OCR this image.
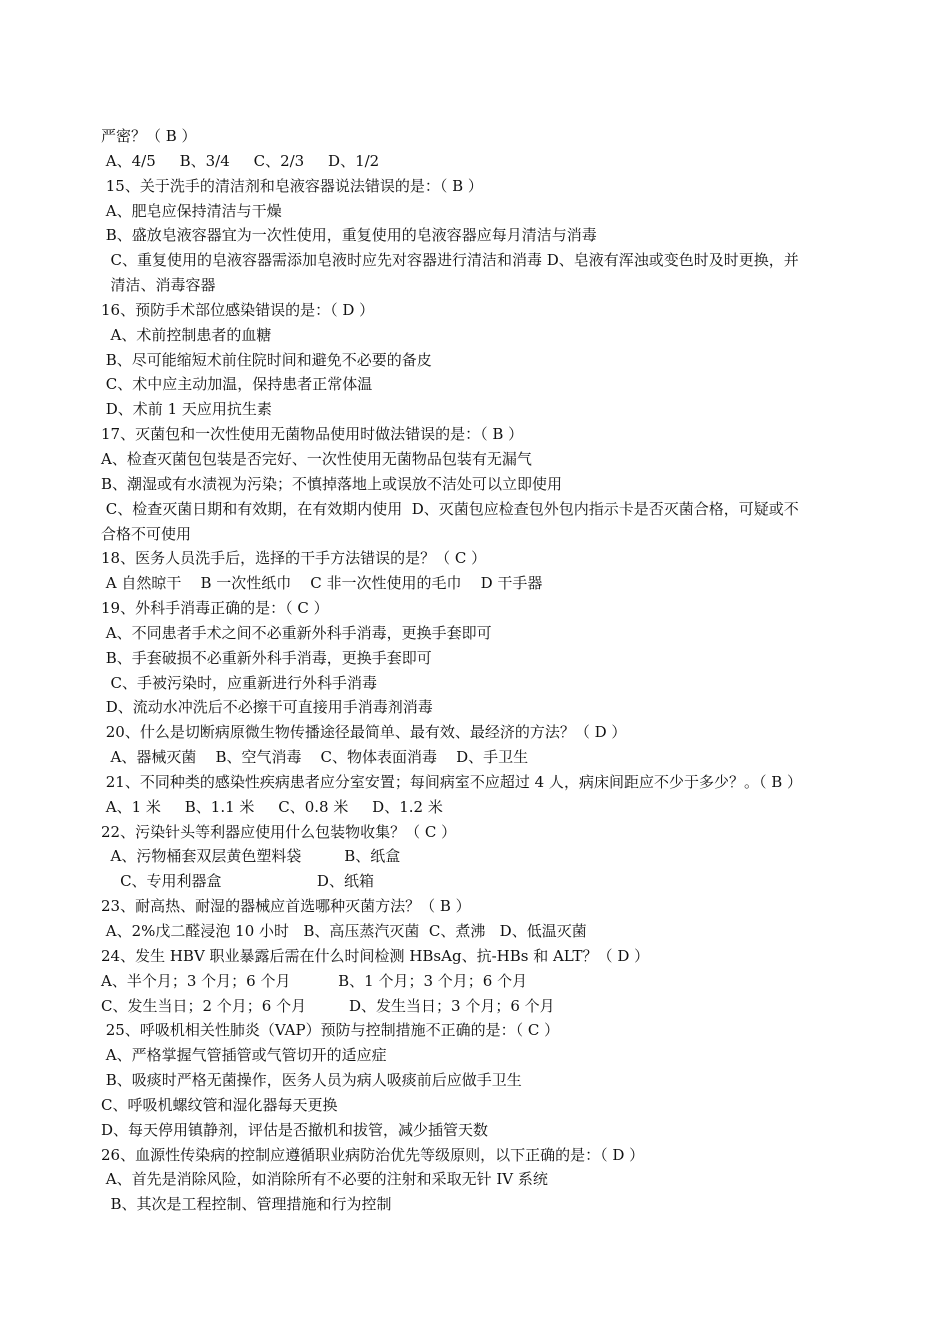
严密？（ B ）
A、4/5     B、3/4     C、2/3     D、1/2
15、关于洗手的清洁剂和皂液容器说法错误的是：（ B ）
A、肥皂应保持清洁与干燥
B、盛放皂液容器宜为一次性使用，重复使用的皂液容器应每月清洁与消毒
C、重复使用的皂液容器需添加皂液时应先对容器进行清洁和消毒 D、皂液有浑浊或变色时及时更换，并
清洁、消毒容器
16、预防手术部位感染错误的是：（ D ）
A、术前控制患者的血糖
B、尽可能缩短术前住院时间和避免不必要的备皮
C、术中应主动加温，保持患者正常体温
D、术前 1 天应用抗生素
17、灭菌包和一次性使用无菌物品使用时做法错误的是：（ B ）
A、检查灭菌包包装是否完好、一次性使用无菌物品包装有无漏气
B、潮湿或有水渍视为污染；不慎掉落地上或误放不洁处可以立即使用
C、检查灭菌日期和有效期，在有效期内使用  D、灭菌包应检查包外包内指示卡是否灭菌合格，可疑或不
合格不可使用
18、医务人员洗手后，选择的干手方法错误的是？（ C ）
A 自然晾干    B 一次性纸巾    C 非一次性使用的毛巾    D 干手器
19、外科手消毒正确的是：（ C ）
A、不同患者手术之间不必重新外科手消毒，更换手套即可
B、手套破损不必重新外科手消毒，更换手套即可
C、手被污染时，应重新进行外科手消毒
D、流动水冲洗后不必擦干可直接用手消毒剂消毒
20、什么是切断病原微生物传播途径最简单、最有效、最经济的方法？（ D ）
A、器械灭菌    B、空气消毒    C、物体表面消毒    D、手卫生
21、不同种类的感染性疾病患者应分室安置；每间病室不应超过 4 人，病床间距应不少于多少？。（ B ）
A、1 米     B、1.1 米     C、0.8 米     D、1.2 米
22、污染针头等利器应使用什么包装物收集？（ C ）
A、污物桶套双层黄色塑料袋         B、纸盒
C、专用利器盒                    D、纸箱
23、耐高热、耐湿的器械应首选哪种灭菌方法？（ B ）
A、2%戊二醛浸泡 10 小时   B、高压蒸汽灭菌  C、煮沸   D、低温灭菌
24、发生 HBV 职业暴露后需在什么时间检测 HBsAg、抗-HBs 和 ALT？（ D ）
A、半个月；3 个月；6 个月          B、1 个月；3 个月；6 个月
C、发生当日；2 个月；6 个月         D、发生当日；3 个月；6 个月
25、呼吸机相关性肺炎（VAP）预防与控制措施不正确的是：（ C ）
A、严格掌握气管插管或气管切开的适应症
B、吸痰时严格无菌操作，医务人员为病人吸痰前后应做手卫生
C、呼吸机螺纹管和湿化器每天更换
D、每天停用镇静剂，评估是否撤机和拔管，减少插管天数
26、血源性传染病的控制应遵循职业病防治优先等级原则，以下正确的是：（ D ）
A、首先是消除风险，如消除所有不必要的注射和采取无针 IV 系统
B、其次是工程控制、管理措施和行为控制
